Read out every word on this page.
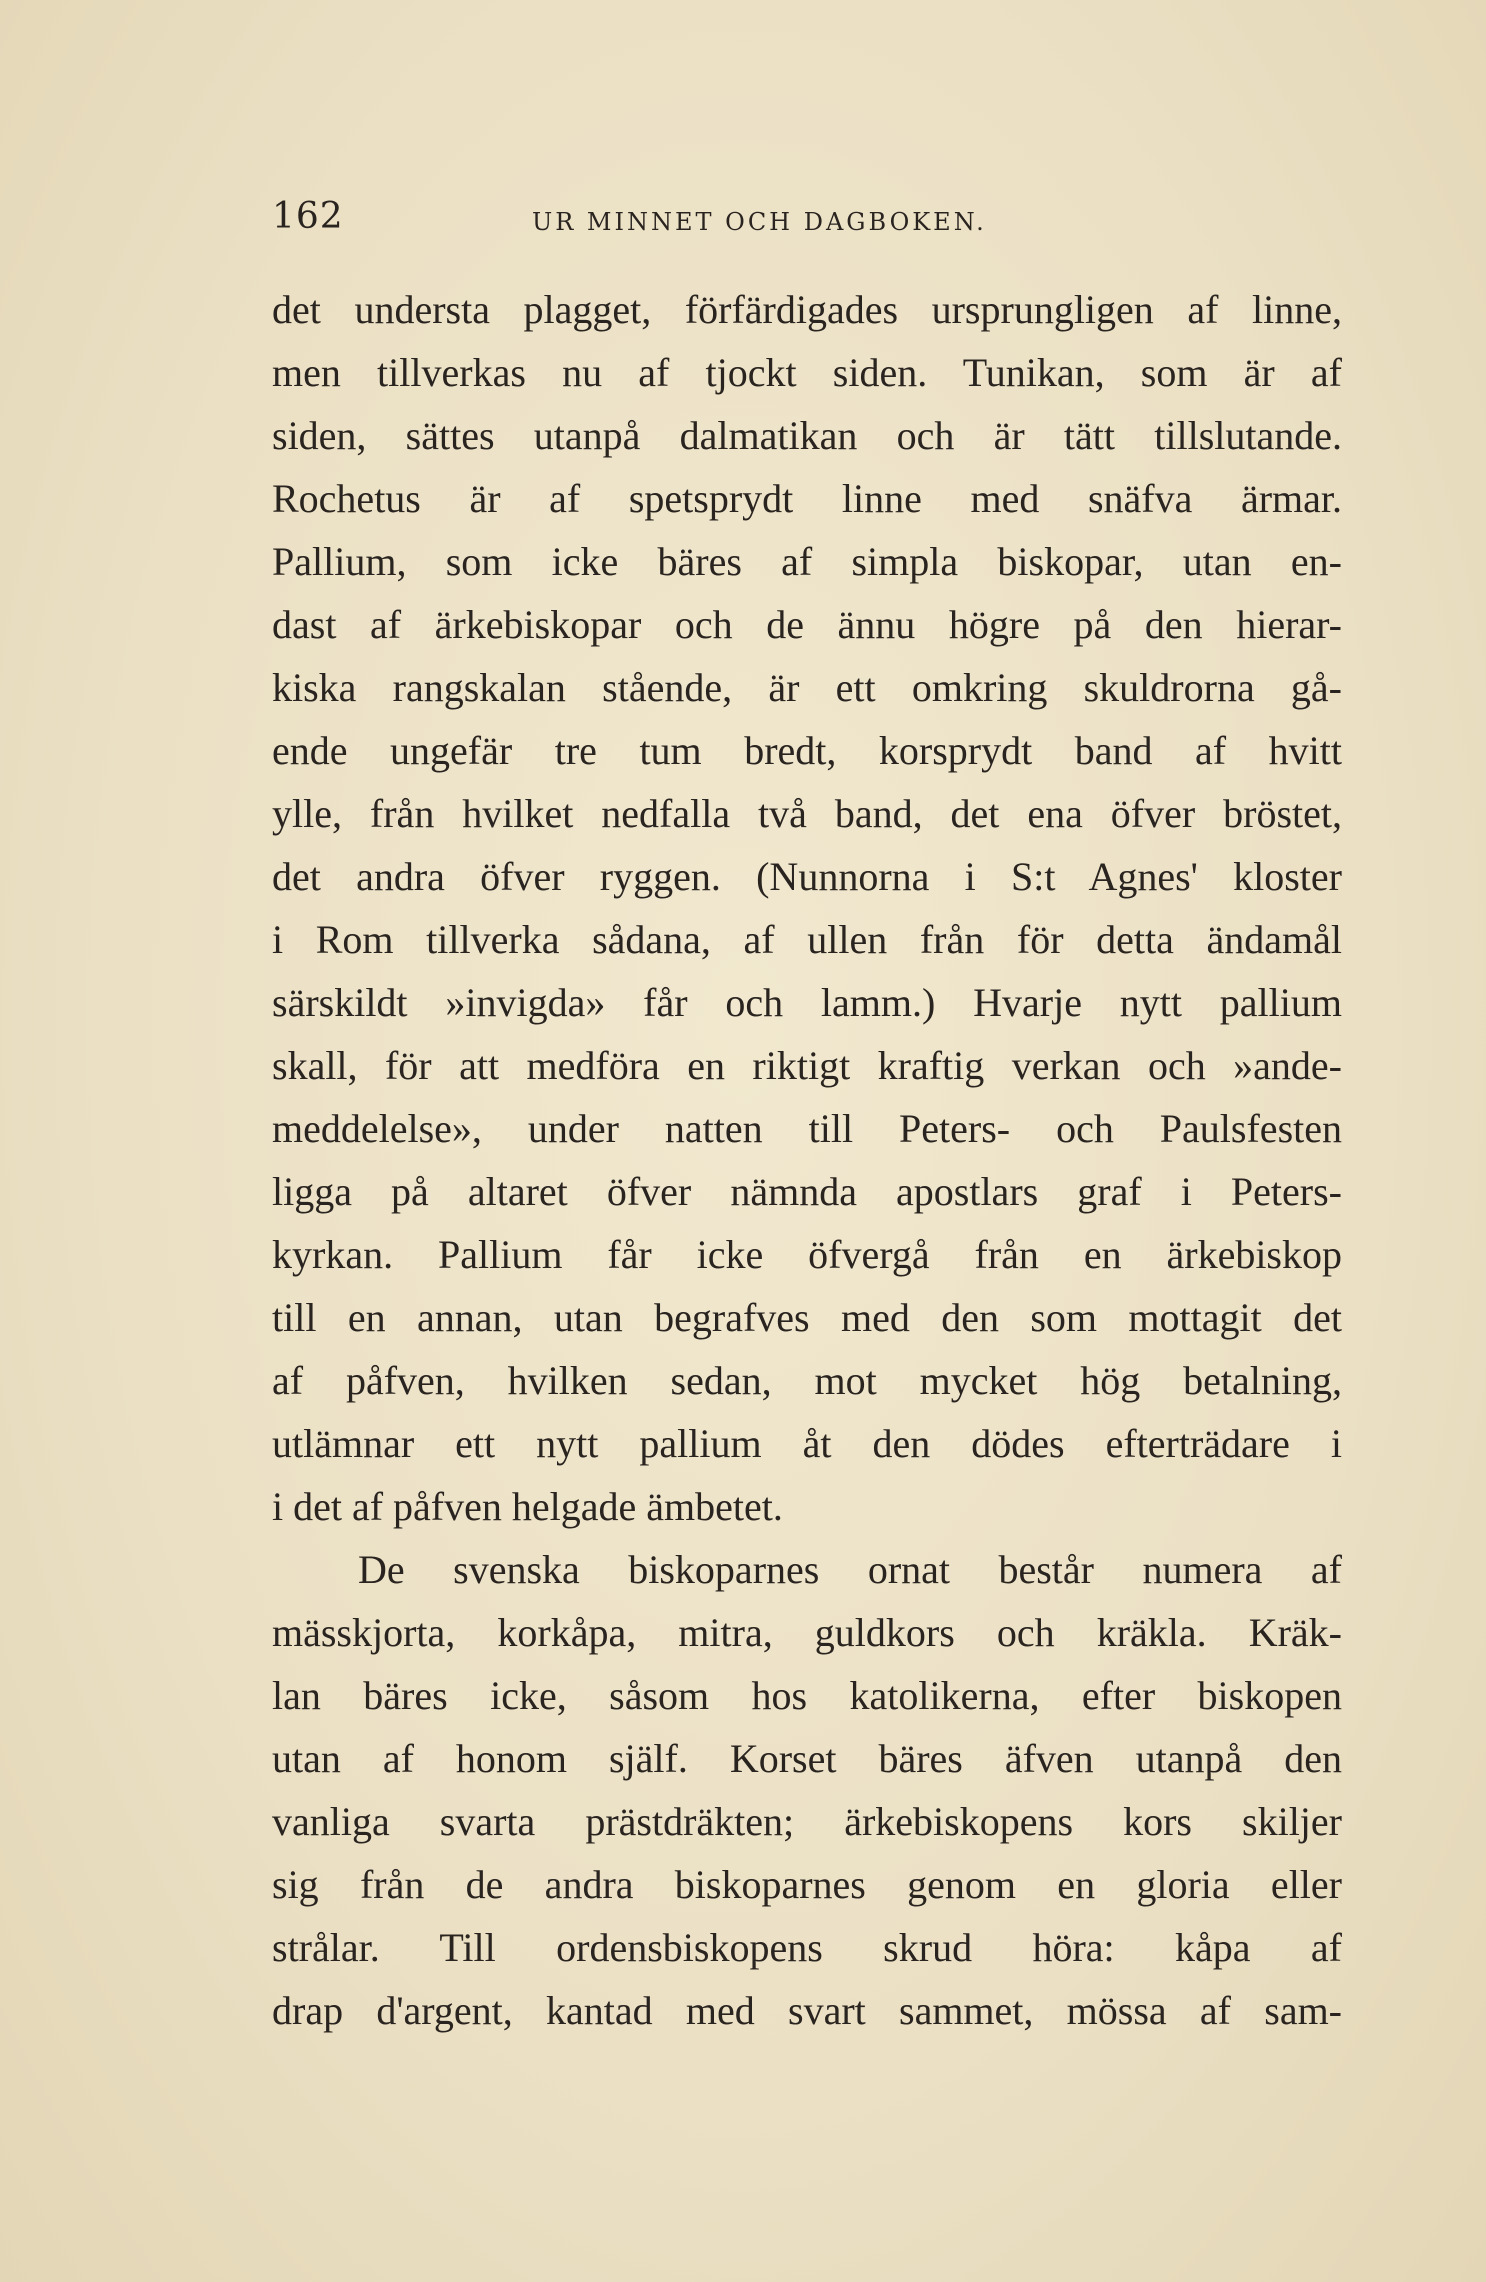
162	UR MINNET OCH DAGBOKEN.
det understa plagget, förfärdigades ursprungligen af linne,
men tillverkas nu af tjockt siden. Tunikan, som är af
siden, sättes utanpå dalmatikan och är tätt tillslutande.
Rochetus är af spetsprydt linne med snäfva ärmar.
Pallium, som icke bäres af simpla biskopar, utan en-
dast af ärkebiskopar och de ännu högre på den hierar-
kiska rangskalan stående, är ett omkring skuldrorna gå-
ende ungefär tre tum bredt, korsprydt band af hvitt
ylle, från hvilket nedfalla två band, det ena öfver bröstet,
det andra öfver ryggen. (Nunnorna i S:t Agnes' kloster
i Rom tillverka sådana, af ullen från för detta ändamål
särskildt »invigda» får och lamm.) Hvarje nytt pallium
skall, för att medföra en riktigt kraftig verkan och »ande-
meddelelse», under natten till Peters- och Paulsfesten
ligga på altaret öfver nämnda apostlars graf i Peters-
kyrkan. Pallium får icke öfvergå från en ärkebiskop
till en annan, utan begrafves med den som mottagit det
af påfven, hvilken sedan, mot mycket hög betalning,
utlämnar ett nytt pallium åt den dödes efterträdare i
i det af påfven helgade ämbetet.
De svenska biskoparnes ornat består numera af
mässkjorta, korkåpa, mitra, guldkors och kräkla. Kräk-
lan bäres icke, såsom hos katolikerna, efter biskopen
utan af honom själf. Korset bäres äfven utanpå den
vanliga svarta prästdräkten; ärkebiskopens kors skiljer
sig från de andra biskoparnes genom en gloria eller
strålar. Till ordensbiskopens skrud höra: kåpa af
drap d'argent, kantad med svart sammet, mössa af sam-
